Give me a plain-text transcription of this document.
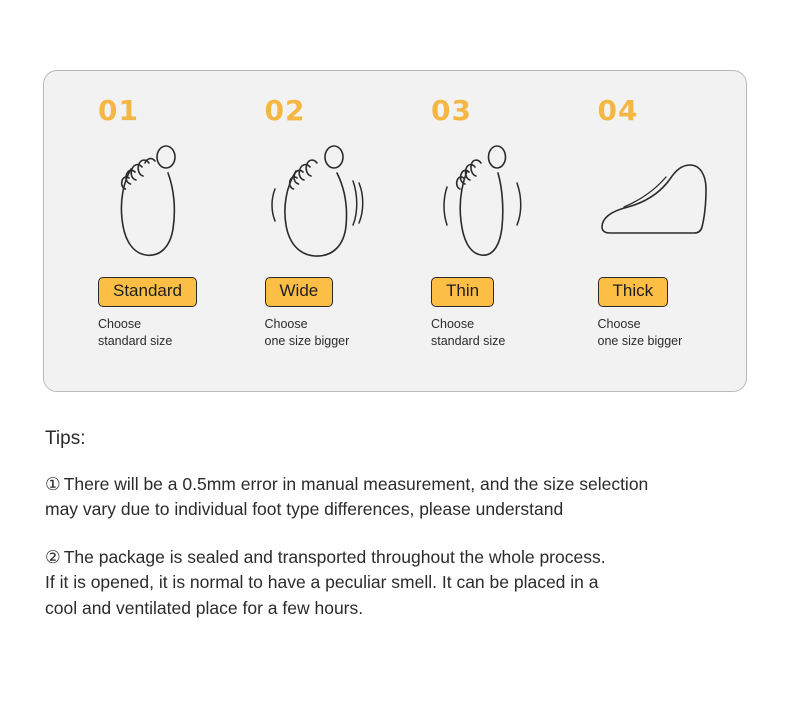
01
Standard
Choose
standard size
02
Wide
Choose
one size bigger
03
Thin
Choose
standard size
04
Thick
Choose
one size bigger
Tips:
① There will be a 0.5mm error in manual measurement, and the size selection
may vary due to individual foot type differences, please understand
② The package is sealed and transported throughout the whole process.
If it is opened, it is normal to have a peculiar smell. It can be placed in a
cool and ventilated place for a few hours.
